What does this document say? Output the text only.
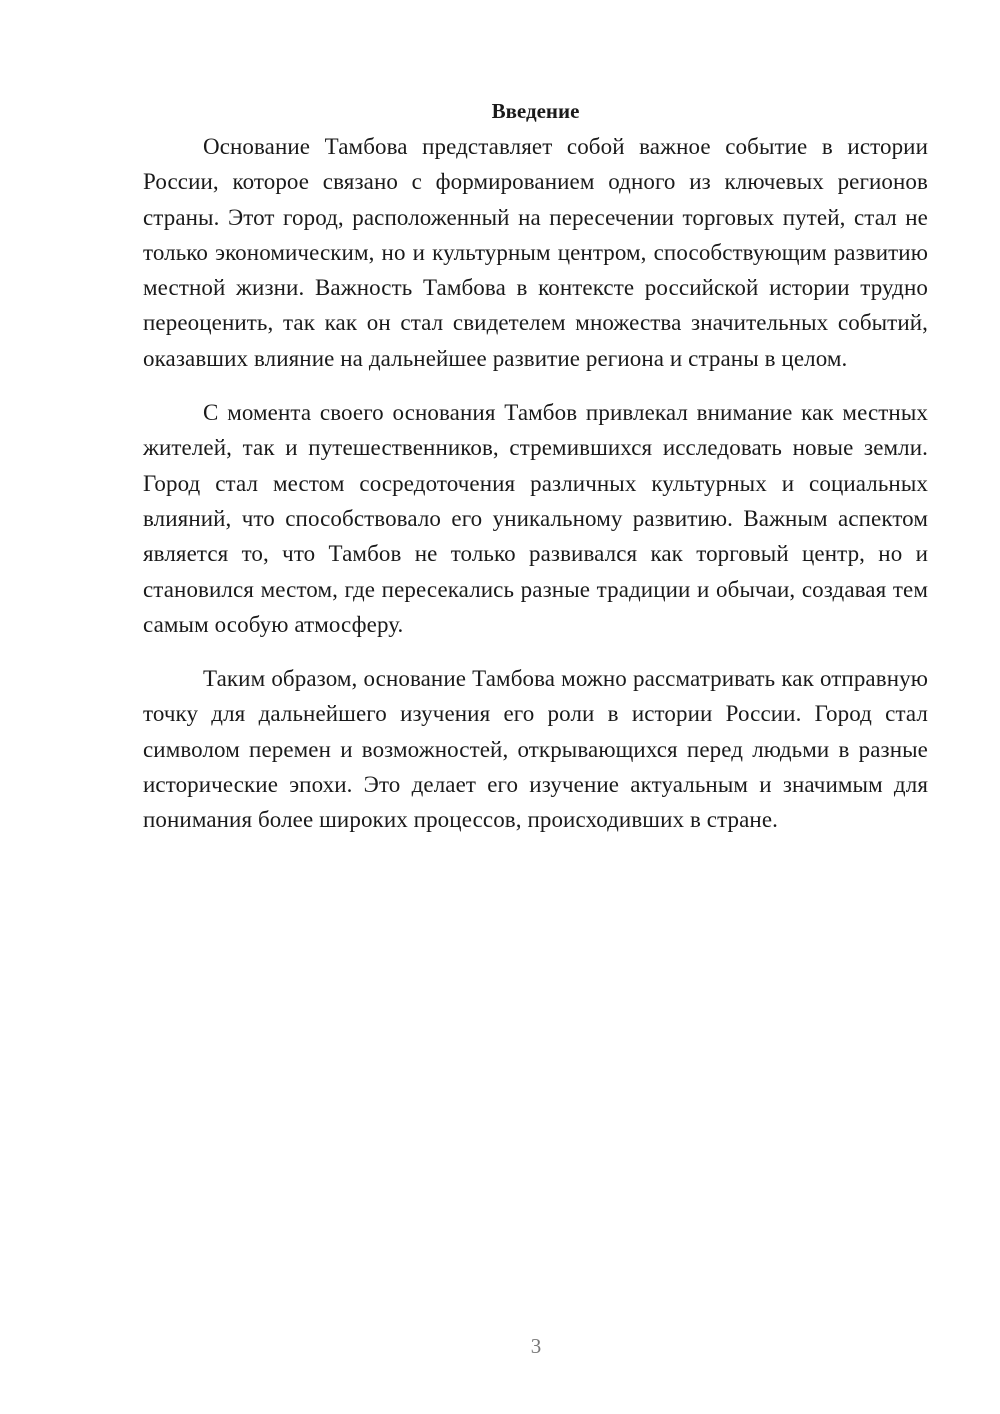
Введение

Основание Тамбова представляет собой важное событие в истории России, которое связано с формированием одного из ключевых регионов страны. Этот город, расположенный на пересечении торговых путей, стал не только экономическим, но и культурным центром, способствующим развитию местной жизни. Важность Тамбова в контексте российской истории трудно переоценить, так как он стал свидетелем множества значительных событий, оказавших влияние на дальнейшее развитие региона и страны в целом.

С момента своего основания Тамбов привлекал внимание как местных жителей, так и путешественников, стремившихся исследовать новые земли. Город стал местом сосредоточения различных культурных и социальных влияний, что способствовало его уникальному развитию. Важным аспектом является то, что Тамбов не только развивался как торговый центр, но и становился местом, где пересекались разные традиции и обычаи, создавая тем самым особую атмосферу.

Таким образом, основание Тамбова можно рассматривать как отправную точку для дальнейшего изучения его роли в истории России. Город стал символом перемен и возможностей, открывающихся перед людьми в разные исторические эпохи. Это делает его изучение актуальным и значимым для понимания более широких процессов, происходивших в стране.

3
